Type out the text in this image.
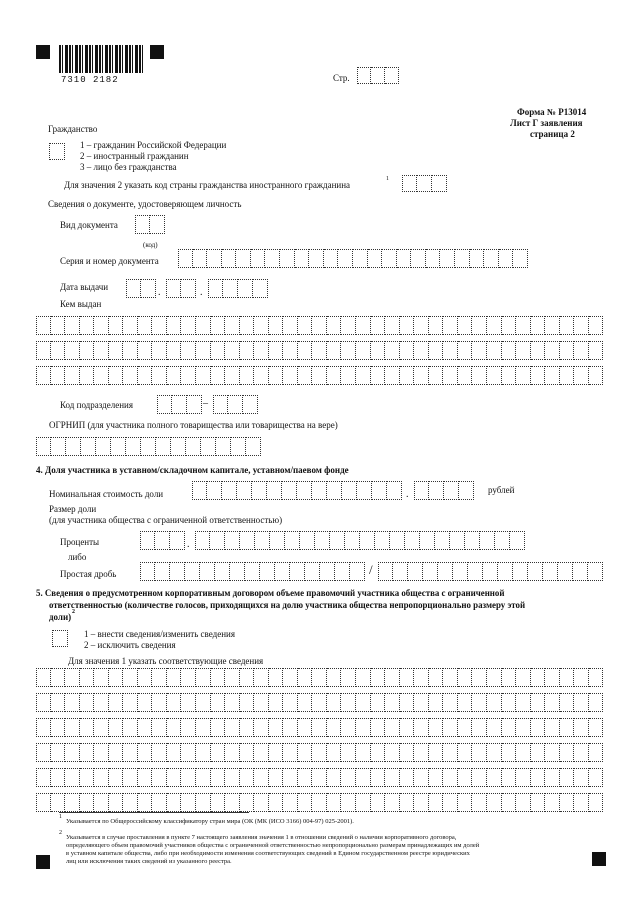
7310 2182	Стр.
Форма № Р13014
Лист Г заявления
страница 2
Гражданство
1 – гражданин Российской Федерации
2 – иностранный гражданин
3 – лицо без гражданства
Для значения 2 указать код страны гражданства иностранного гражданина
1
Сведения о документе, удостоверяющем личность
Вид документа
(код)
Серия и номер документа
Дата выдачи	.	.
Кем выдан
Код подразделения	–
ОГРНИП (для участника полного товарищества или товарищества на вере)
4. Доля участника в уставном/складочном капитале, уставном/паевом фонде
Номинальная стоимость доли	.	рублей
Размер доли
(для участника общества с ограниченной ответственностью)
Проценты	.
либо
Простая дробь	/
5. Сведения о предусмотренном корпоративным договором объеме правомочий участника общества с ограниченной
ответственностью (количестве голосов, приходящихся на долю участника общества непропорционально размеру этой
доли) 2
1 – внести сведения/изменить сведения
2 – исключить сведения
Для значения 1 указать соответствующие сведения
1
Указывается по Общероссийскому классификатору стран мира (ОК (МК (ИСО 3166) 004-97) 025-2001).
2
Указывается в случае проставления в пункте 7 настоящего заявления значения 1 в отношении сведений о наличии корпоративного договора,
определяющего объем правомочий участников общества с ограниченной ответственностью непропорционально размерам принадлежащих им долей
в уставном капитале общества, либо при необходимости изменения соответствующих сведений в Едином государственном реестре юридических
лиц или исключения таких сведений из указанного реестра.
